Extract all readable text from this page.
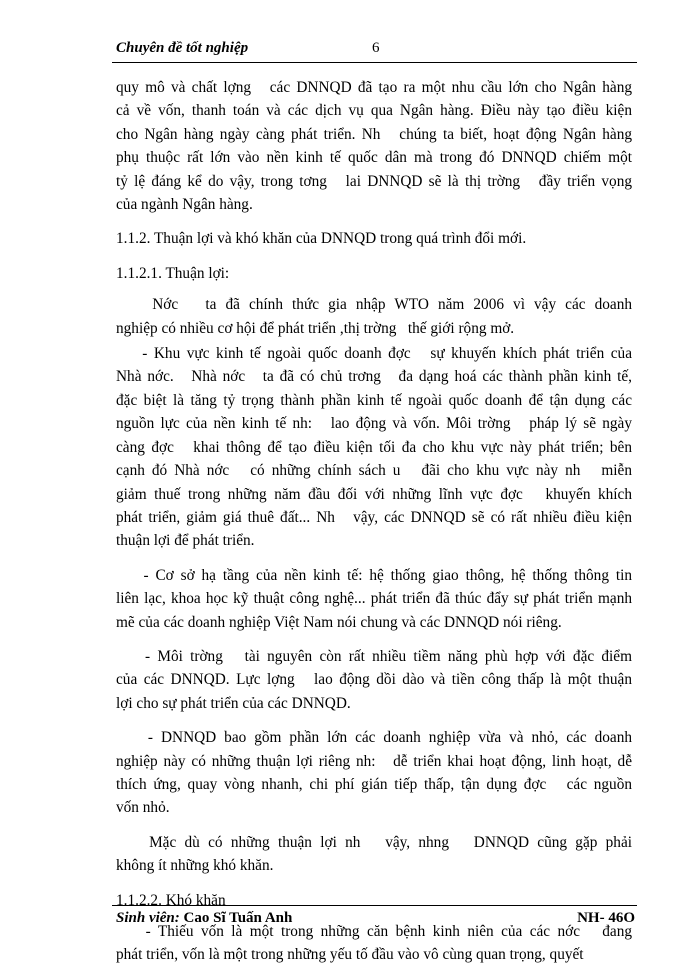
Chuyên đề tốt nghiệp	6
quy mô và chất lợng   các DNNQD đã tạo ra một nhu cầu lớn cho Ngân hàng
cả về vốn, thanh toán và các dịch vụ qua Ngân hàng. Điều này tạo điều kiện
cho Ngân hàng ngày càng phát triển. Nh   chúng ta biết, hoạt động Ngân hàng
phụ thuộc rất lớn vào nền kinh tế quốc dân mà trong đó DNNQD chiếm một
tỷ lệ đáng kể do vậy, trong tơng   lai DNNQD sẽ là thị trờng   đầy triển vọng
của ngành Ngân hàng.
1.1.2. Thuận lợi và khó khăn của DNNQD trong quá trình đổi mới.
1.1.2.1. Thuận lợi:
Nớc   ta đã chính thức gia nhập WTO năm 2006 vì vậy các doanh
nghiệp có nhiều cơ hội để phát triển ,thị trờng   thế giới rộng mở.
- Khu vực kinh tế ngoài quốc doanh đợc   sự khuyến khích phát triển của
Nhà nớc.   Nhà nớc   ta đã có chủ trơng   đa dạng hoá các thành phần kinh tế,
đặc biệt là tăng tỷ trọng thành phần kinh tế ngoài quốc doanh để tận dụng các
nguồn lực của nền kinh tế nh:   lao động và vốn. Môi trờng   pháp lý sẽ ngày
càng đợc   khai thông để tạo điều kiện tối đa cho khu vực này phát triển; bên
cạnh đó Nhà nớc   có những chính sách u   đãi cho khu vực này nh   miễn
giảm thuế trong những năm đầu đối với những lĩnh vực đợc   khuyến khích
phát triển, giảm giá thuê đất... Nh   vậy, các DNNQD sẽ có rất nhiều điều kiện
thuận lợi để phát triển.
- Cơ sở hạ tầng của nền kinh tế: hệ thống giao thông, hệ thống thông tin
liên lạc, khoa học kỹ thuật công nghệ... phát triển đã thúc đẩy sự phát triển mạnh
mẽ của các doanh nghiệp Việt Nam nói chung và các DNNQD nói riêng.
- Môi trờng   tài nguyên còn rất nhiều tiềm năng phù hợp với đặc điểm
của các DNNQD. Lực lợng   lao động dồi dào và tiền công thấp là một thuận
lợi cho sự phát triển của các DNNQD.
- DNNQD bao gồm phần lớn các doanh nghiệp vừa và nhỏ, các doanh
nghiệp này có những thuận lợi riêng nh:   dễ triển khai hoạt động, linh hoạt, dễ
thích ứng, quay vòng nhanh, chi phí gián tiếp thấp, tận dụng đợc   các nguồn
vốn nhỏ.
Mặc dù có những thuận lợi nh   vậy, nhng   DNNQD cũng gặp phải
không ít những khó khăn.
1.1.2.2. Khó khăn
- Thiếu vốn là một trong những căn bệnh kinh niên của các nớc   đang
phát triển, vốn là một trong những yếu tố đầu vào vô cùng quan trọng, quyết
Sinh viên: Cao Sĩ Tuấn Anh	NH- 46O
